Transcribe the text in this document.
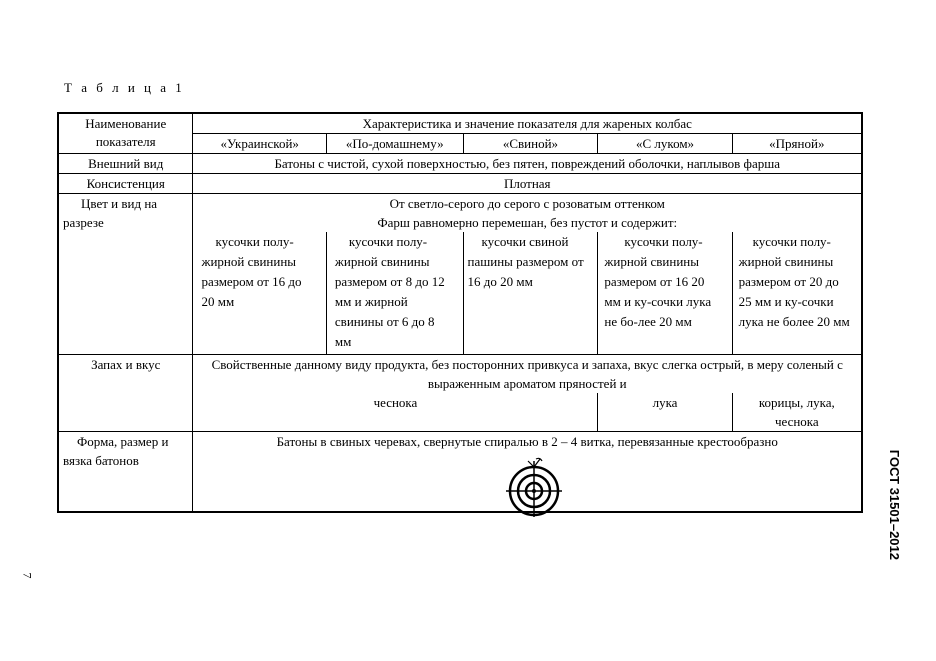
Т а б л и ц а 1
Наименование показателя	Характеристика и значение показателя для жареных колбас				
	«Украинской»	«По-домашнему»	«Свиной»	«С луком»	«Пряной»
Внешний вид	Батоны с чистой, сухой поверхностью, без пятен, повреждений оболочки, наплывов фарша				
Консистенция	Плотная				

Цвет и вид на разрезе	От светло-серого до серого с розоватым оттенком
Фарш равномерно перемешан, без пустот и содержит:				

	кусочки полу-жирной свинины размером от 16 до 20 мм	кусочки полу-жирной свинины размером от 8 до 12 мм и жирной свинины от 6 до 8 мм	кусочки свиной пашины размером от 16 до 20 мм	кусочки полу-жирной свинины размером от 16 20 мм и ку-сочки лука не бо-лее 20 мм	кусочки полу-жирной свинины размером от 20 до 25 мм и ку-сочки лука не более 20 мм

Запах и вкус	Свойственные данному виду продукта, без посторонних привкуса и запаха, вкус слегка острый, в меру соленый с выраженным ароматом пряностей и				
	чеснока			лука	корицы, лука, чеснока

Форма, размер и вязка батонов	Батоны в свиных черевах, свернутые спиралью в 2 – 4 витка, перевязанные крестообразно				
ГОСТ 31501–2012
7
